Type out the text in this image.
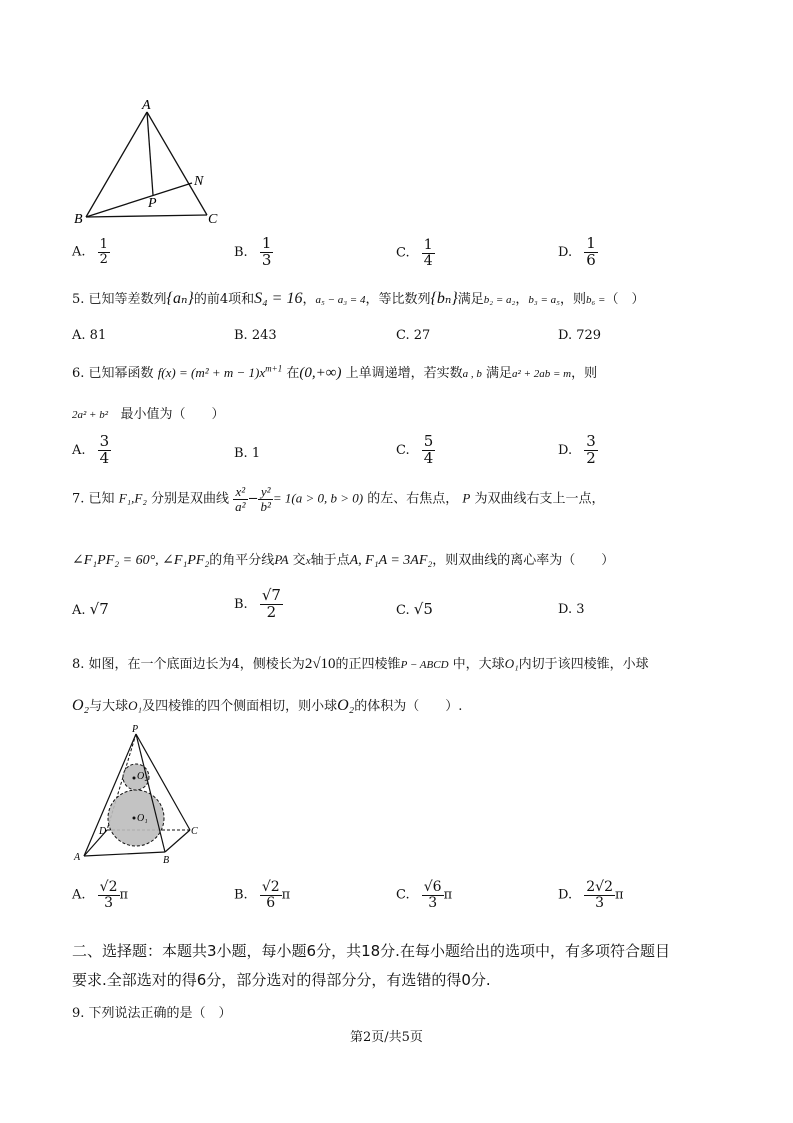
A
B	C
N
P
A. $\frac{1}{2}$	B. $\frac{1}{3}$	C. $\frac{1}{4}$	D. $\frac{1}{6}$
5. 已知等差数列{aₙ}的前4项和S₄ = 16，a₅ − a₃ = 4，等比数列{bₙ}满足b₂ = a₂，b₃ = a₅，则b₆ =（　）
A. 81	B. 243	C. 27	D. 729
6. 已知幂函数 $f(x) = (m^2 + m - 1)x^{m+1}$ 在(0,+∞) 上单调递增，若实数a , b 满足a² + 2ab = m，则
2a² + b² 最小值为（　　）
A. $\frac{3}{4}$	B. 1	C. $\frac{5}{4}$	D. $\frac{3}{2}$
7. 已知 F₁,F₂ 分别是双曲线 $\frac{\text{x²}}{\text{a²}} - \frac{\text{y²}}{\text{b²}} = 1(a > 0$, b > 0) 的左、右焦点， P 为双曲线右支上一点，
∠F₁PF₂ = 60°, ∠F₁PF₂的角平分线PA 交x轴于点A, F₁A = 3AF₂，则双曲线的离心率为（　　）
A. √7	B. $\frac{√7}{2}$	C. √5	D. 3
8. 如图，在一个底面边长为4，侧棱长为2√10的正四棱锥P − ABCD 中，大球O₁内切于该四棱锥，小球
O₂与大球O₁及四棱锥的四个侧面相切，则小球O₂的体积为（　　）.
P
O₂
O₁
D	C
A	B
A. $\frac{√2}{3}$ π	B. $\frac{√2}{6}$ π	C. $\frac{√6}{3}$ π	D. $\frac{2√2}{3}$ π
二、选择题：本题共3小题，每小题6分，共18分.在每小题给出的选项中，有多项符合题目
要求.全部选对的得6分，部分选对的得部分分，有选错的得0分.
9. 下列说法正确的是（　）
第2页/共5页
